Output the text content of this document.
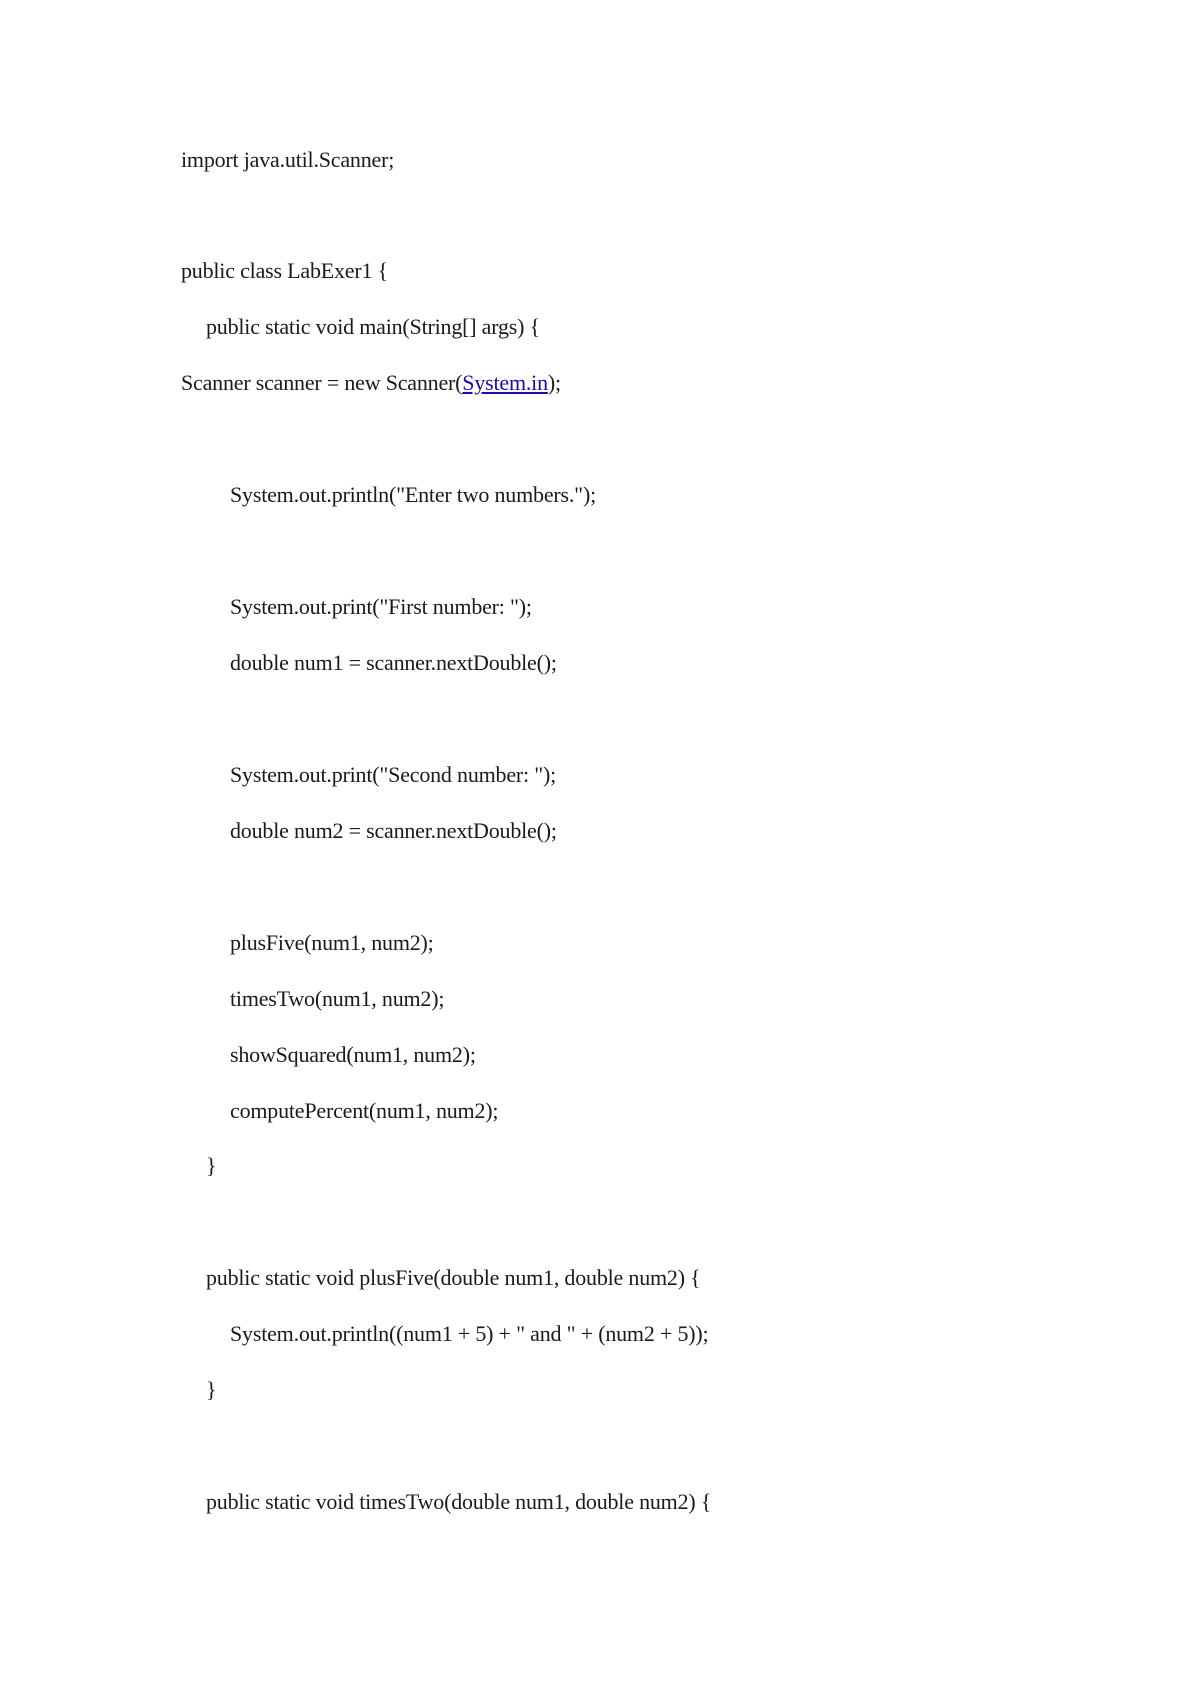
import java.util.Scanner;
public class LabExer1 {
public static void main(String[] args) {
Scanner scanner = new Scanner(System.in);
System.out.println("Enter two numbers.");
System.out.print("First number: ");
double num1 = scanner.nextDouble();
System.out.print("Second number: ");
double num2 = scanner.nextDouble();
plusFive(num1, num2);
timesTwo(num1, num2);
showSquared(num1, num2);
computePercent(num1, num2);
}
public static void plusFive(double num1, double num2) {
System.out.println((num1 + 5) + " and " + (num2 + 5));
}
public static void timesTwo(double num1, double num2) {
